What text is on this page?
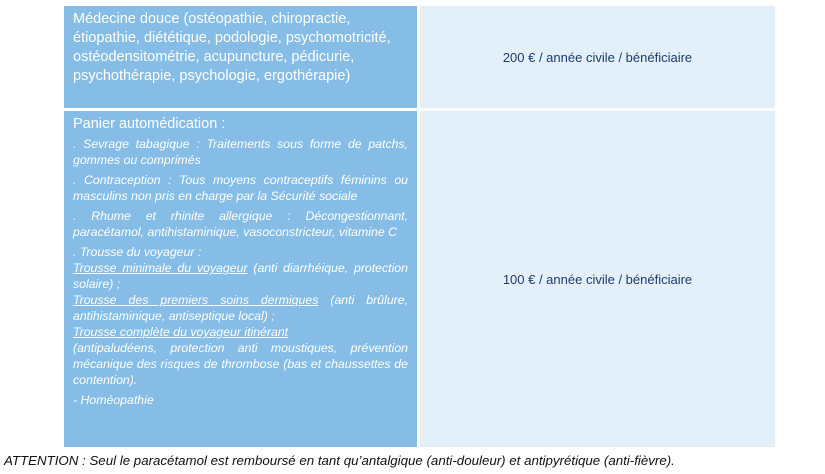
Médecine douce (ostéopathie, chiropractie, étiopathie, diététique, podologie, psychomotricité, ostéodensitométrie, acupuncture, pédicurie, psychothérapie, psychologie, ergothérapie)
200 € / année civile / bénéficiaire
Panier automédication :
. Sevrage tabagique : Traitements sous forme de patchs, gommes ou comprimés
. Contraception : Tous moyens contraceptifs féminins ou masculins non pris en charge par la Sécurité sociale
. Rhume et rhinite allergique : Décongestionnant, paracétamol, antihistaminique, vasoconstricteur, vitamine C
. Trousse du voyageur :
Trousse minimale du voyageur (anti diarrhéique, protection solaire) ;
Trousse des premiers soins dermiques (anti brûlure, antihistaminique, antiseptique local) ;
Trousse complète du voyageur itinérant
(antipaludéens, protection anti moustiques, prévention mécanique des risques de thrombose (bas et chaussettes de contention).
- Homéopathie
100 € / année civile / bénéficiaire
ATTENTION : Seul le paracétamol est remboursé en tant qu’antalgique (anti-douleur) et antipyrétique (anti-fièvre).
